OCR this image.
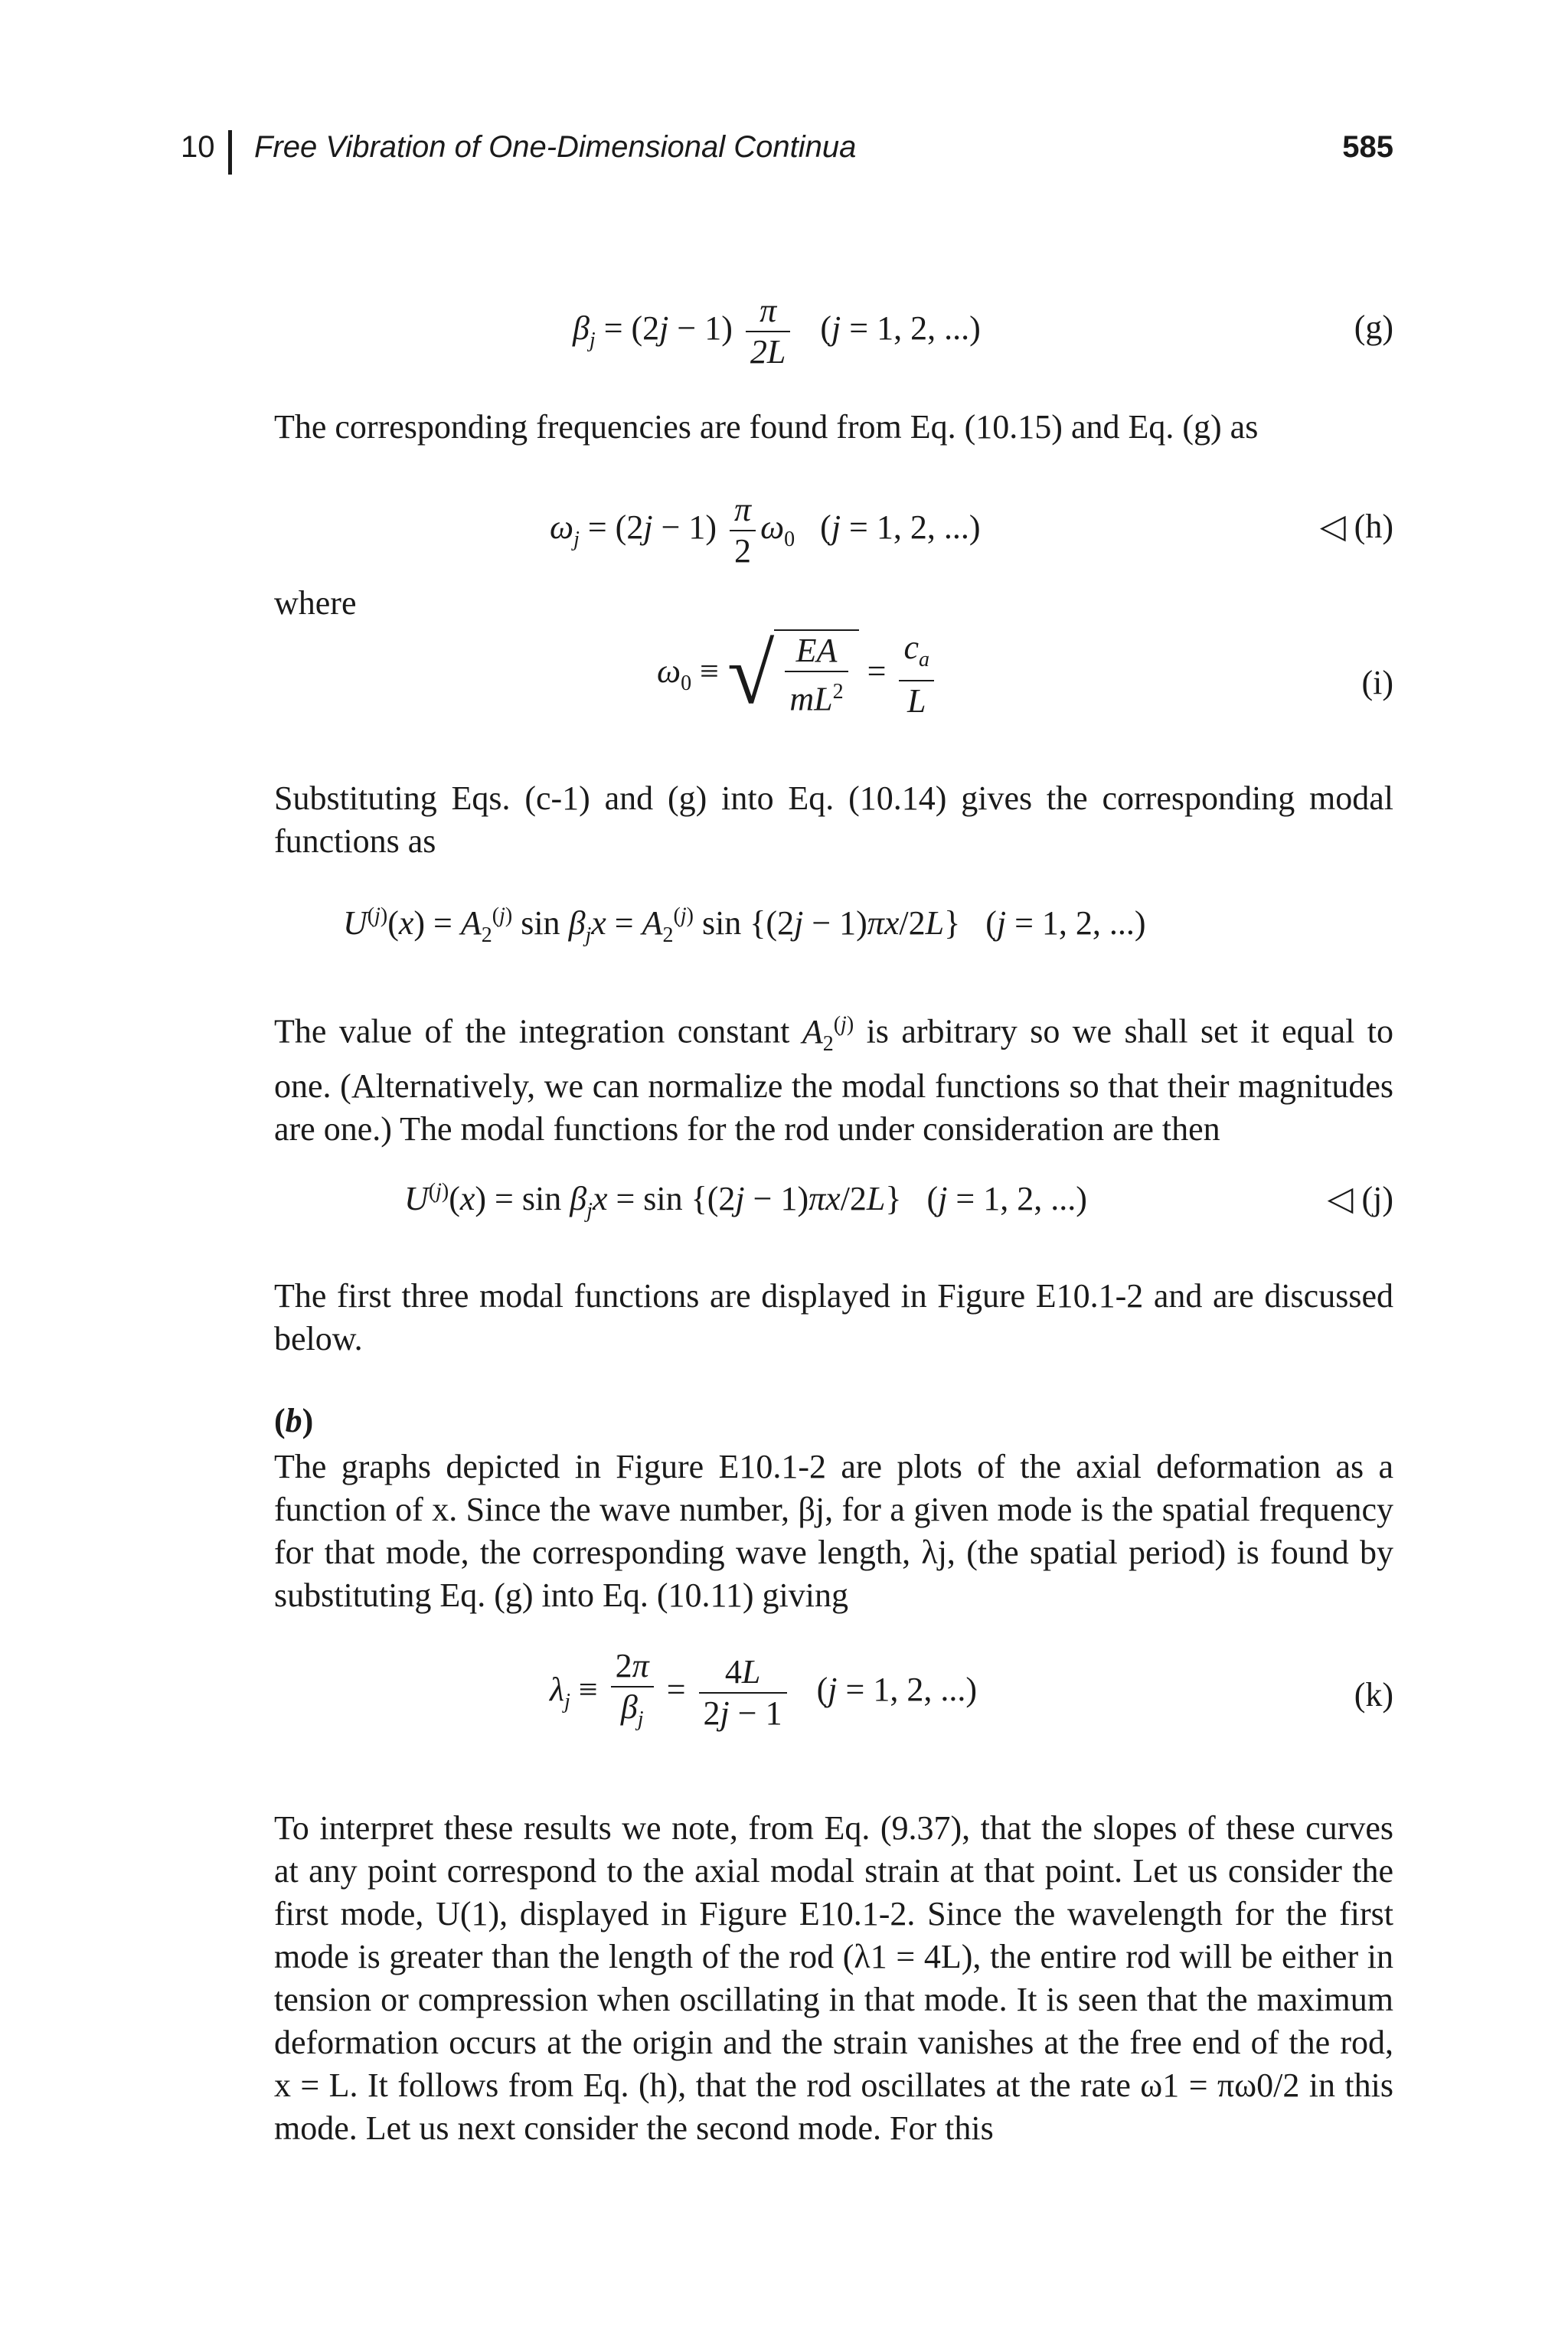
10 Free Vibration of One-Dimensional Continua	585
$\beta_j = (2j - 1) \frac{\pi}{2L} (j = 1$, 2, ...)	(g)
The corresponding frequencies are found from Eq. (10.15) and Eq. (g) as
$\omega_j = (2j - 1) \frac{\pi}{2} \omega_0$ (j = 1, 2, ...)	◁ (h)
where
$\omega_0$ ≡ √ $\frac{EA}{mL^2} = \frac{c_a}{L}$	(i)
Substituting Eqs. (c-1) and (g) into Eq. (10.14) gives the corresponding modal functions as
$U^{(j)}(x) = A_2^{(j)}$ $\sin \beta_jx = A_2^{(j)}$ sin {(2j − 1)πx/2L} (j = 1, 2, ...)
The value of the integration constant $A_2^{(j)}$ is arbitrary so we shall set it equal to one. (Alternatively, we can normalize the modal functions so that their magnitudes are one.) The modal functions for the rod under consideration are then
$U^{(j)}(x) = \sin \beta_jx = \sin \{(2j - 1)\pi x/2L\} (j = 1$, 2, ...)	◁ (j)
The first three modal functions are displayed in Figure E10.1-2 and are discussed below.
(b)
The graphs depicted in Figure E10.1-2 are plots of the axial deformation as a function of x. Since the wave number, βj, for a given mode is the spatial frequency for that mode, the corresponding wave length, λj, (the spatial period) is found by substituting Eq. (g) into Eq. (10.11) giving
$\lambda_j \equiv \frac{2\pi}{\beta_j} = \frac{4L}{2j - 1} (j = 1$, 2, ...)	(k)
To interpret these results we note, from Eq. (9.37), that the slopes of these curves at any point correspond to the axial modal strain at that point. Let us consider the first mode, U(1), displayed in Figure E10.1-2. Since the wavelength for the first mode is greater than the length of the rod (λ1 = 4L), the entire rod will be either in tension or compression when oscillating in that mode. It is seen that the maximum deformation occurs at the origin and the strain vanishes at the free end of the rod, x = L. It follows from Eq. (h), that the rod oscillates at the rate ω1 = πω0/2 in this mode. Let us next consider the second mode. For this
